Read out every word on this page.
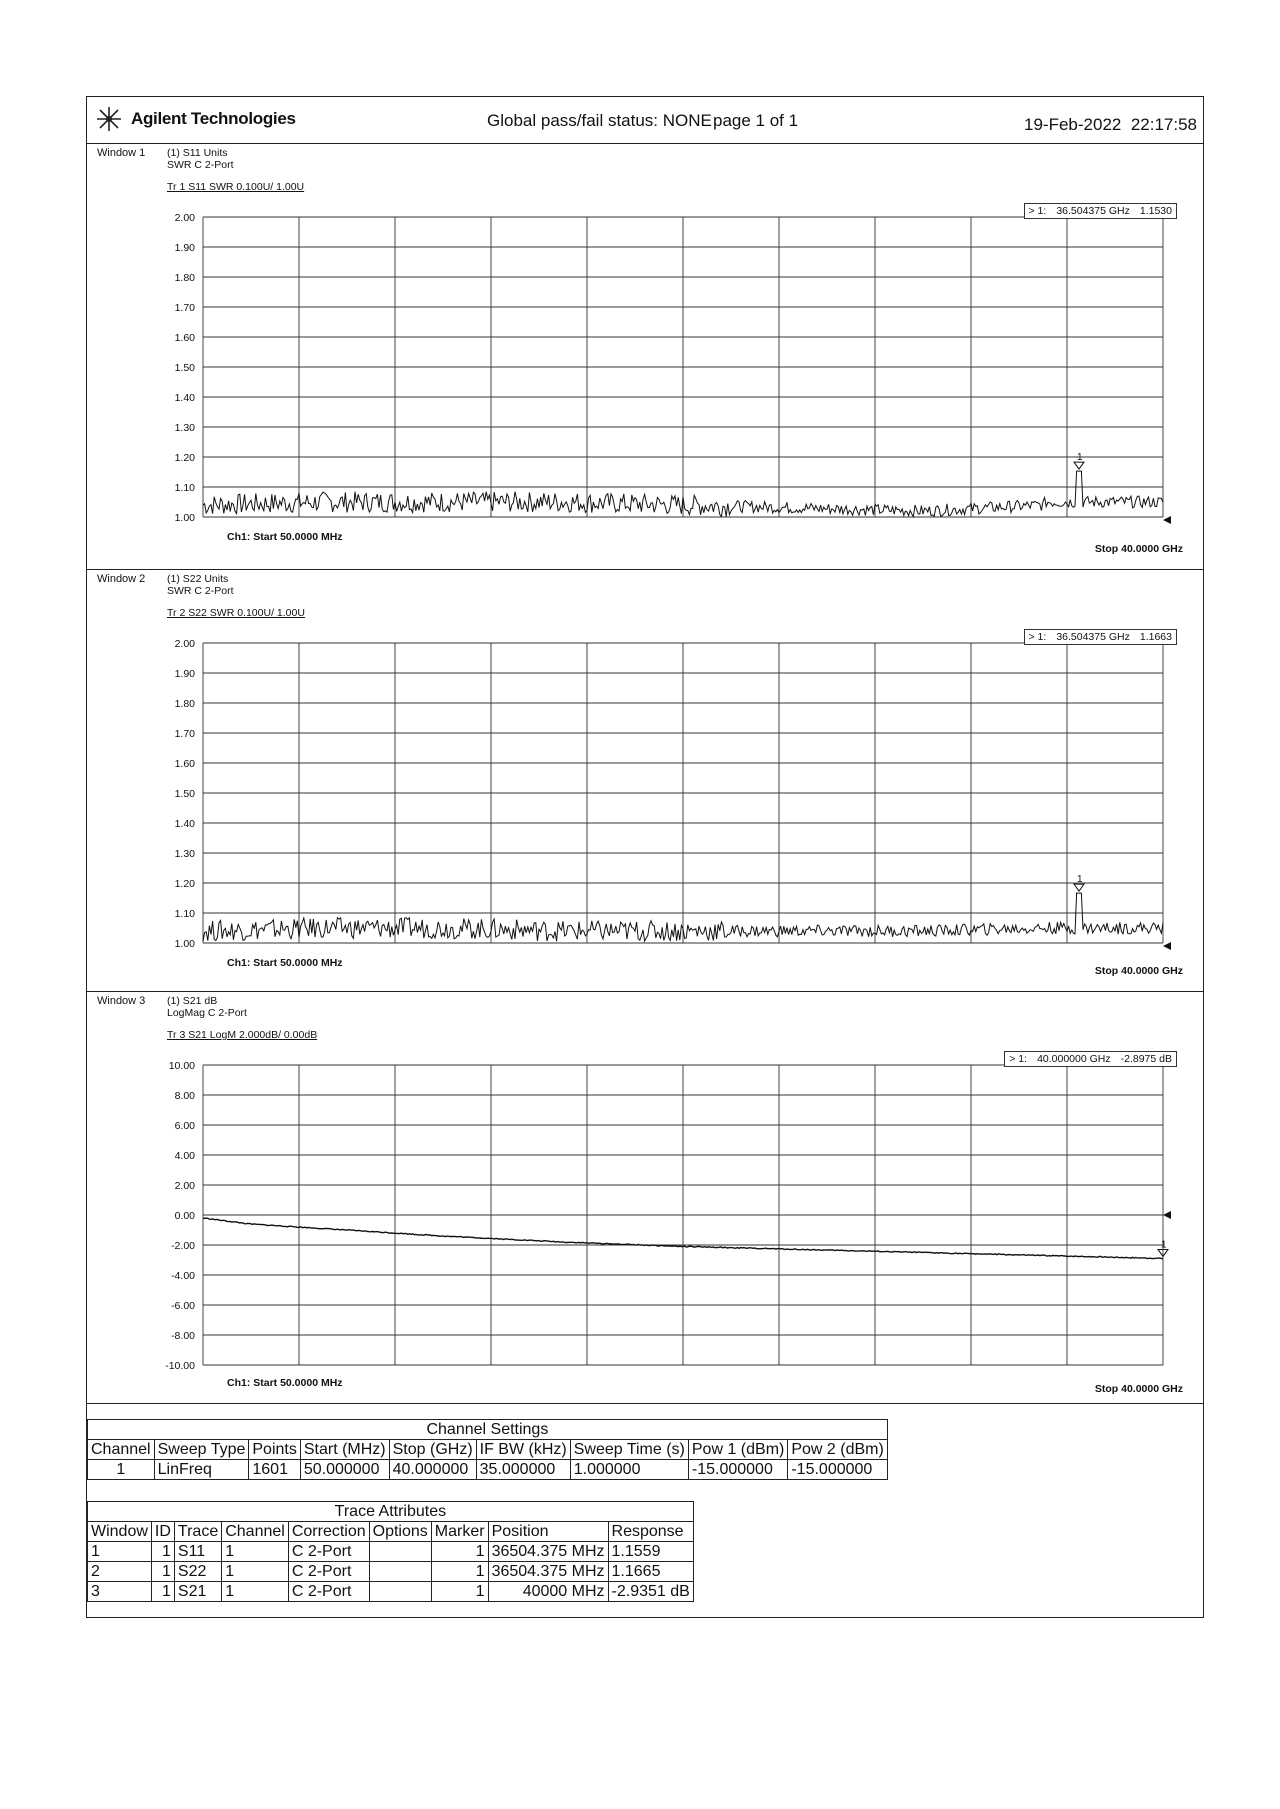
Agilent Technologies	Global pass/fail status: NONE page 1 of 1	19-Feb-2022 22:17:58
Window 1 (1) S11 Units
SWR C 2-Port
Tr 1 S11 SWR 0.100U/ 1.00U
2.00
1.90
1.80
1.70
1.60
1.50
1.40
1.30
1.20
1.10
1.00
1
Ch1: Start 50.0000 MHz
Stop 40.0000 GHz
> 1: 36.504375 GHz 1.1530
Window 2 (1) S22 Units
SWR C 2-Port
Tr 2 S22 SWR 0.100U/ 1.00U
2.00
1.90
1.80
1.70
1.60
1.50
1.40
1.30
1.20
1.10
1.00
1
Ch1: Start 50.0000 MHz
Stop 40.0000 GHz
> 1: 36.504375 GHz 1.1663
Window 3 (1) S21 dB
LogMag C 2-Port
Tr 3 S21 LogM 2.000dB/ 0.00dB
10.00
8.00
6.00
4.00
2.00
0.00
-2.00
-4.00
-6.00
-8.00
-10.00
1
Ch1: Start 50.0000 MHz	Stop 40.0000 GHz
> 1: 40.000000 GHz -2.8975 dB
Channel Settings								
Channel	Sweep Type	Points	Start (MHz)	Stop (GHz)	IF BW (kHz)	Sweep Time (s)	Pow 1 (dBm)	Pow 2 (dBm)
1	LinFreq	1601	50.000000	40.000000	35.000000	1.000000	-15.000000	-15.000000
Trace Attributes								
Window	ID	Trace	Channel	Correction	Options	Marker	Position	Response
1	1	S11	1	C 2-Port		1	36504.375 MHz	1.1559
2	1	S22	1	C 2-Port		1	36504.375 MHz	1.1665
3	1	S21	1	C 2-Port		1	40000 MHz	-2.9351 dB
